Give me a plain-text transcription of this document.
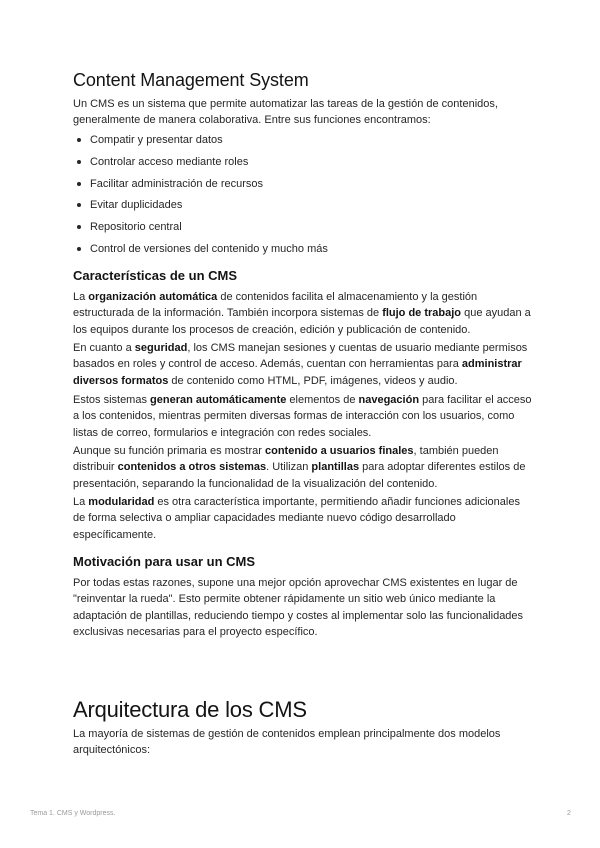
Content Management System

Un CMS es un sistema que permite automatizar las tareas de la gestión de contenidos, generalmente de manera colaborativa. Entre sus funciones encontramos:

Compatir y presentar datos
Controlar acceso mediante roles
Facilitar administración de recursos
Evitar duplicidades
Repositorio central
Control de versiones del contenido y mucho más
Características de un CMS

La organización automática de contenidos facilita el almacenamiento y la gestión estructurada de la información. También incorpora sistemas de flujo de trabajo que ayudan a los equipos durante los procesos de creación, edición y publicación de contenido.

En cuanto a seguridad, los CMS manejan sesiones y cuentas de usuario mediante permisos basados en roles y control de acceso. Además, cuentan con herramientas para administrar diversos formatos de contenido como HTML, PDF, imágenes, videos y audio.

Estos sistemas generan automáticamente elementos de navegación para facilitar el acceso a los contenidos, mientras permiten diversas formas de interacción con los usuarios, como listas de correo, formularios e integración con redes sociales.

Aunque su función primaria es mostrar contenido a usuarios finales, también pueden distribuir contenidos a otros sistemas. Utilizan plantillas para adoptar diferentes estilos de presentación, separando la funcionalidad de la visualización del contenido.

La modularidad es otra característica importante, permitiendo añadir funciones adicionales de forma selectiva o ampliar capacidades mediante nuevo código desarrollado específicamente.

Motivación para usar un CMS

Por todas estas razones, supone una mejor opción aprovechar CMS existentes en lugar de "reinventar la rueda". Esto permite obtener rápidamente un sitio web único mediante la adaptación de plantillas, reduciendo tiempo y costes al implementar solo las funcionalidades exclusivas necesarias para el proyecto específico.

Arquitectura de los CMS

La mayoría de sistemas de gestión de contenidos emplean principalmente dos modelos arquitectónicos:

Tema 1. CMS y Wordpress.	2
